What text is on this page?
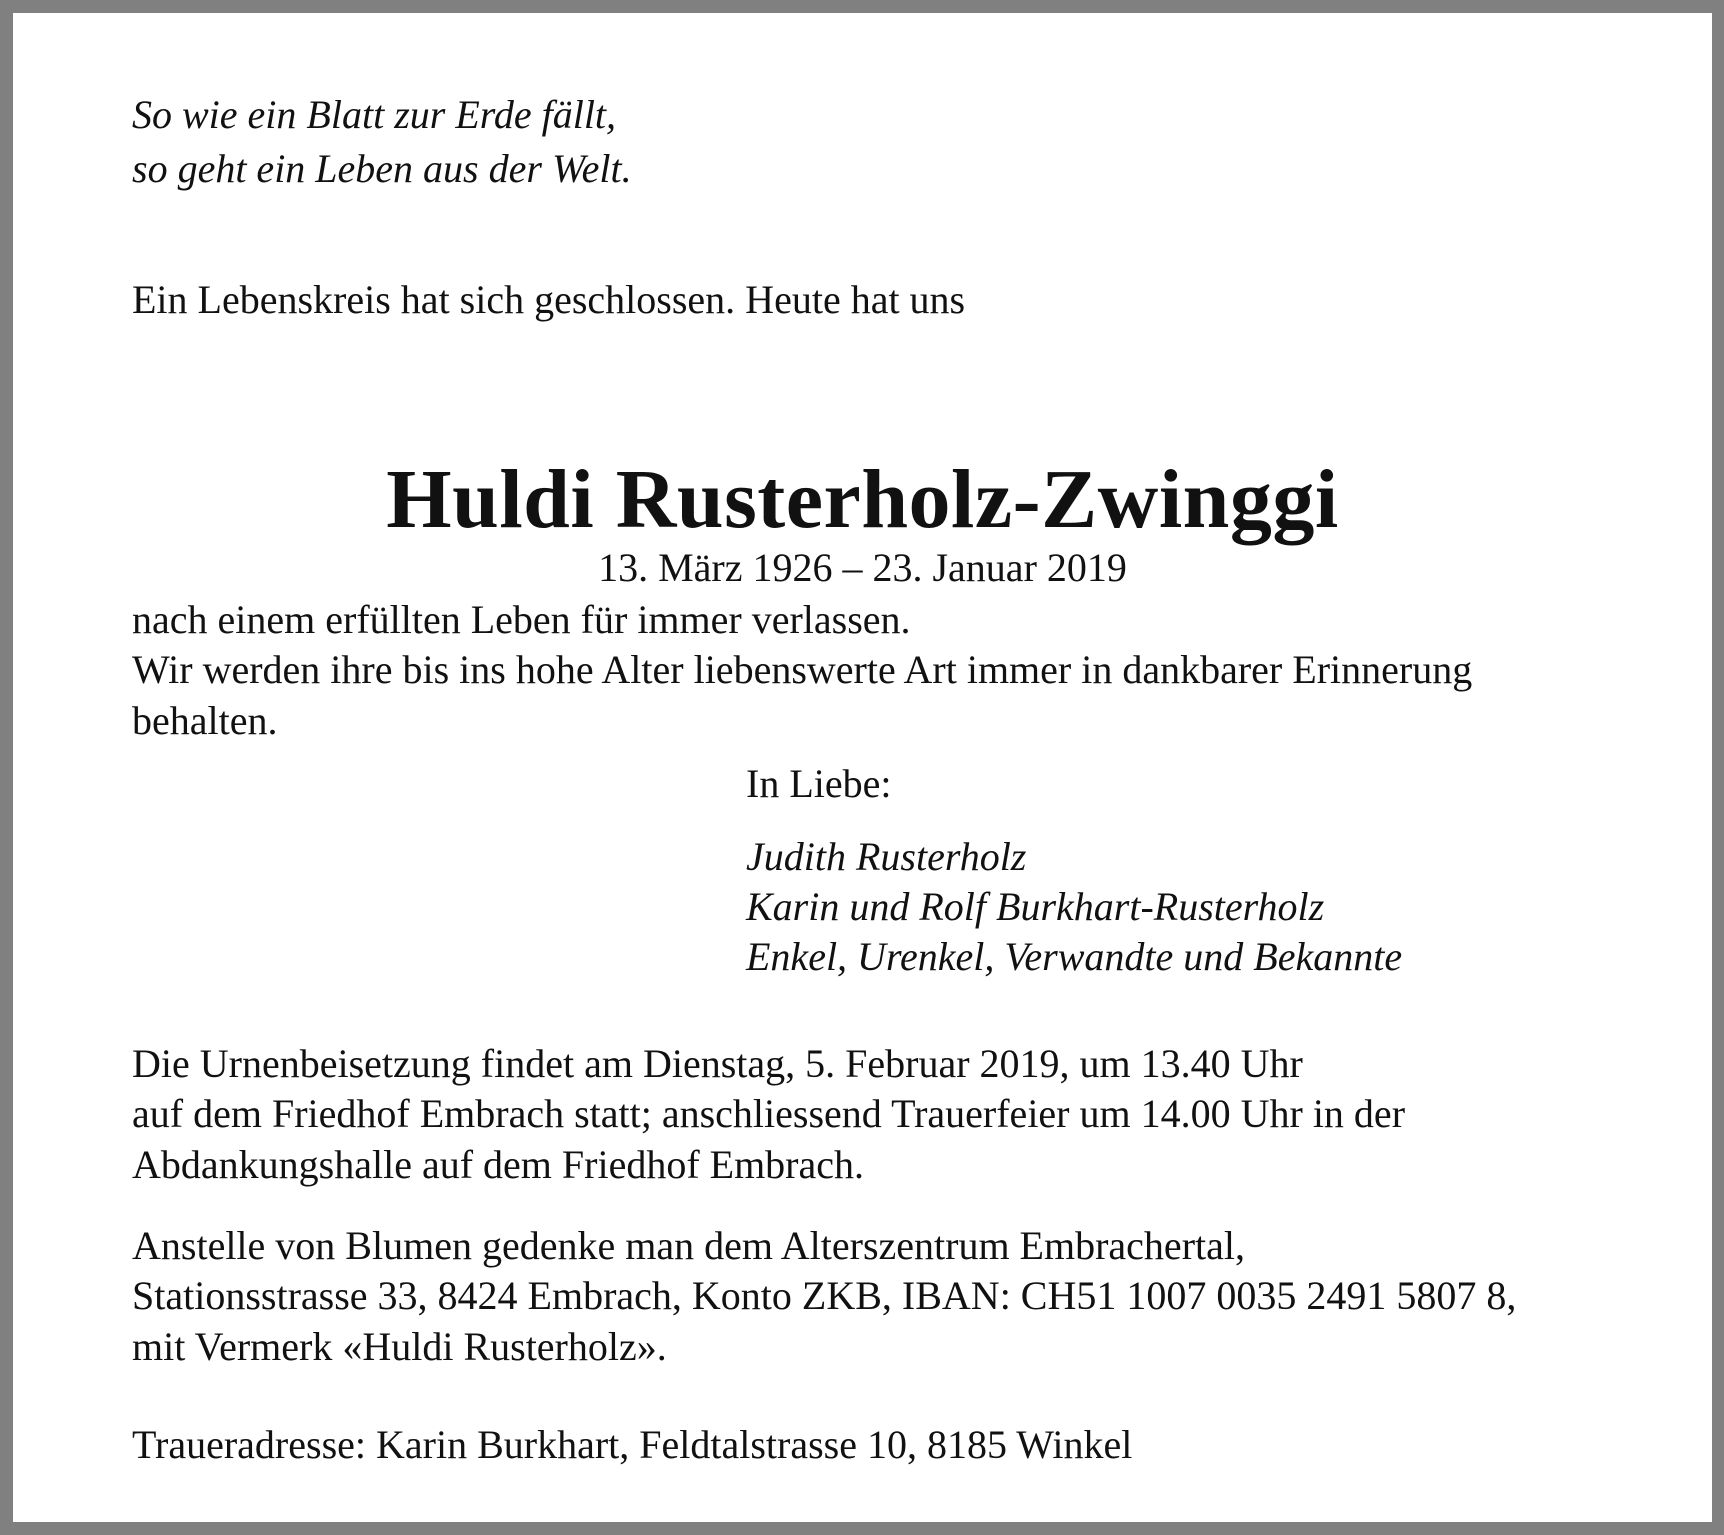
So wie ein Blatt zur Erde fällt,

so geht ein Leben aus der Welt.

Ein Lebenskreis hat sich geschlossen. Heute hat uns

Huldi Rusterholz-Zwinggi

13. März 1926 – 23. Januar 2019

nach einem erfüllten Leben für immer verlassen.

Wir werden ihre bis ins hohe Alter liebenswerte Art immer in dankbarer Erinnerung

behalten.

In Liebe:

Judith Rusterholz

Karin und Rolf Burkhart-Rusterholz

Enkel, Urenkel, Verwandte und Bekannte

Die Urnenbeisetzung findet am Dienstag, 5. Februar 2019, um 13.40 Uhr

auf dem Friedhof Embrach statt; anschliessend Trauerfeier um 14.00 Uhr in der

Abdankungshalle auf dem Friedhof Embrach.

Anstelle von Blumen gedenke man dem Alterszentrum Embrachertal,

Stationsstrasse 33, 8424 Embrach, Konto ZKB, IBAN: CH51 1007 0035 2491 5807 8,

mit Vermerk «Huldi Rusterholz».

Traueradresse: Karin Burkhart, Feldtalstrasse 10, 8185 Winkel
